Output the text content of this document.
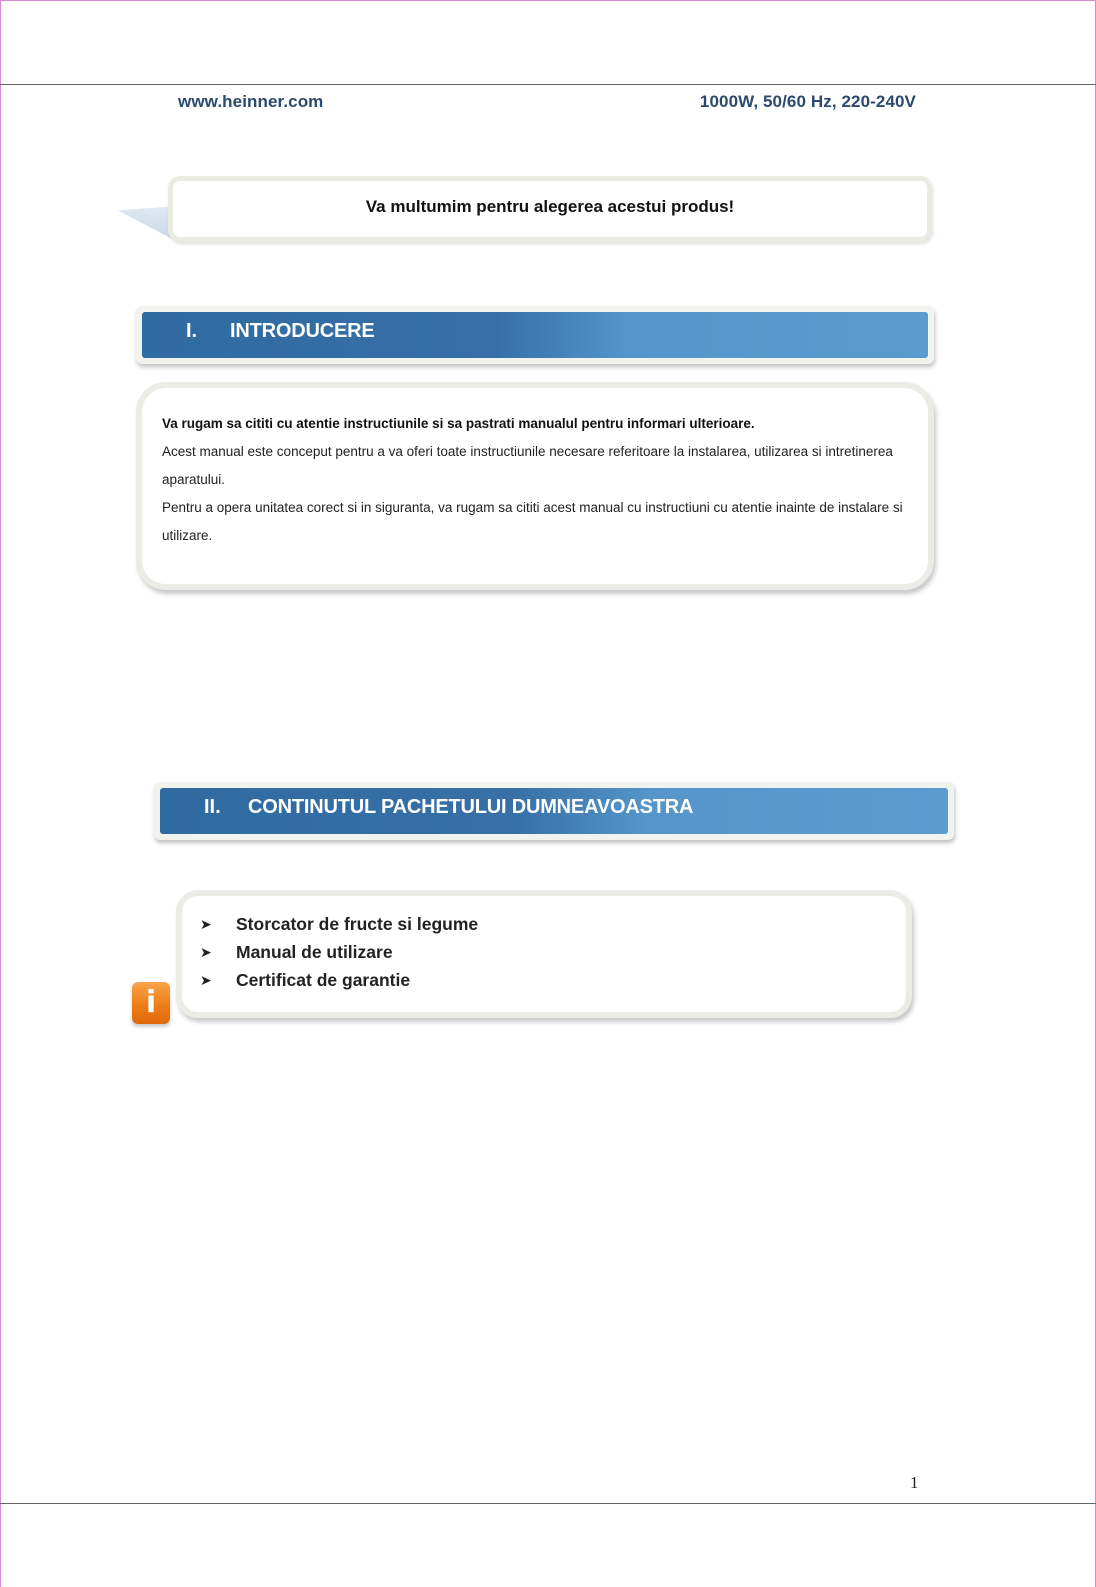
www.heinner.com	1000W, 50/60 Hz, 220-240V
Va multumim pentru alegerea acestui produs!
I. INTRODUCERE

Va rugam sa cititi cu atentie instructiunile si sa pastrati manualul pentru informari ulterioare.

Acest manual este conceput pentru a va oferi toate instructiunile necesare referitoare la instalarea, utilizarea si intretinerea aparatului.

Pentru a opera unitatea corect si in siguranta, va rugam sa cititi acest manual cu instructiuni cu atentie inainte de instalare si utilizare.

II. CONTINUTUL PACHETULUI DUMNEAVOASTRA
➤ Storcator de fructe si legume
➤ Manual de utilizare
➤ Certificat de garantie
i
1
